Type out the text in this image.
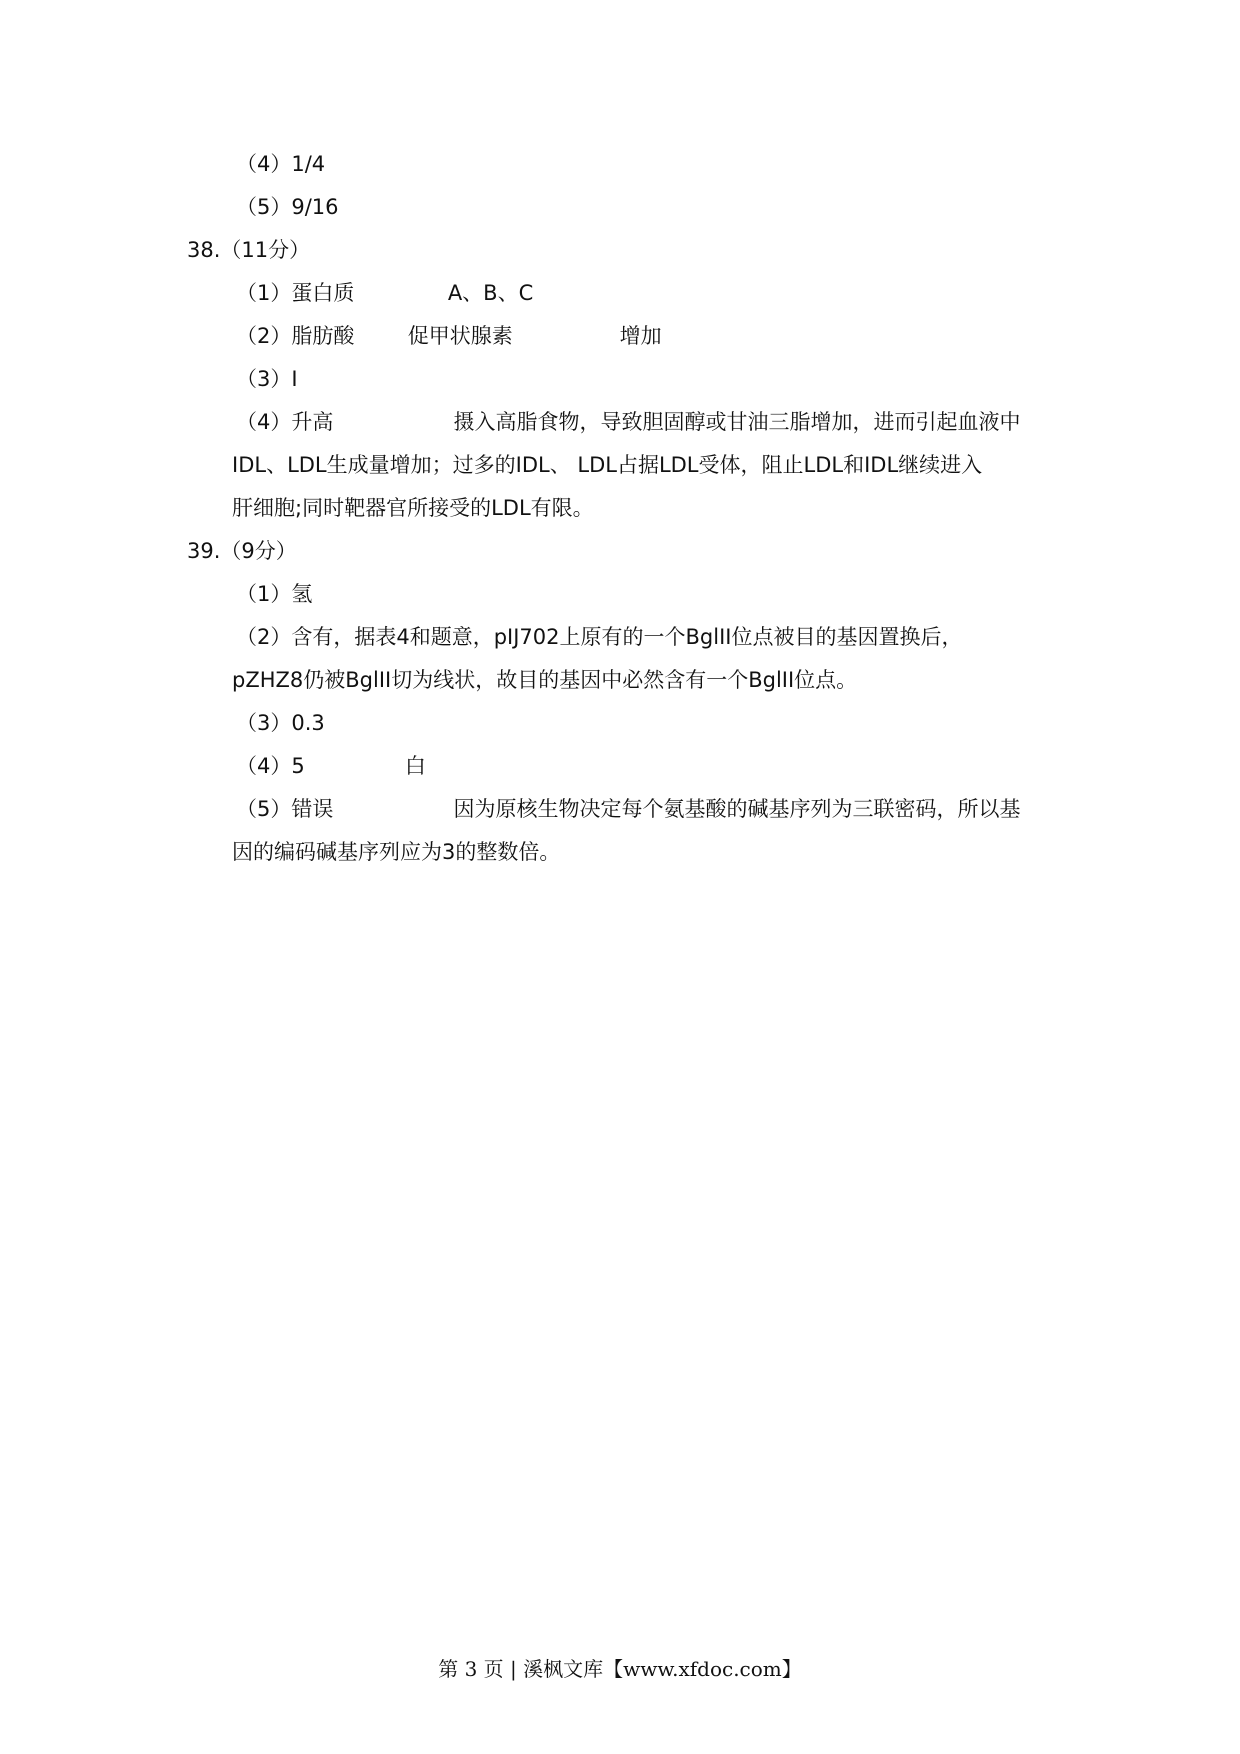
（4）1/4
（5）9/16
38.（11分）
（1）蛋白质              A、B、C
（2）脂肪酸        促甲状腺素                增加
（3）I
（4）升高                  摄入高脂食物，导致胆固醇或甘油三脂增加，进而引起血液中
IDL、LDL生成量增加；过多的IDL、 LDL占据LDL受体，阻止LDL和IDL继续进入
肝细胞;同时靶器官所接受的LDL有限。
39.（9分）
（1）氢
（2）含有，据表4和题意，pIJ702上原有的一个BglII位点被目的基因置换后，
pZHZ8仍被BglII切为线状，故目的基因中必然含有一个BglII位点。
（3）0.3
（4）5               白
（5）错误                  因为原核生物决定每个氨基酸的碱基序列为三联密码，所以基
因的编码碱基序列应为3的整数倍。
第 3 页 | 溪枫文库【www.xfdoc.com】
